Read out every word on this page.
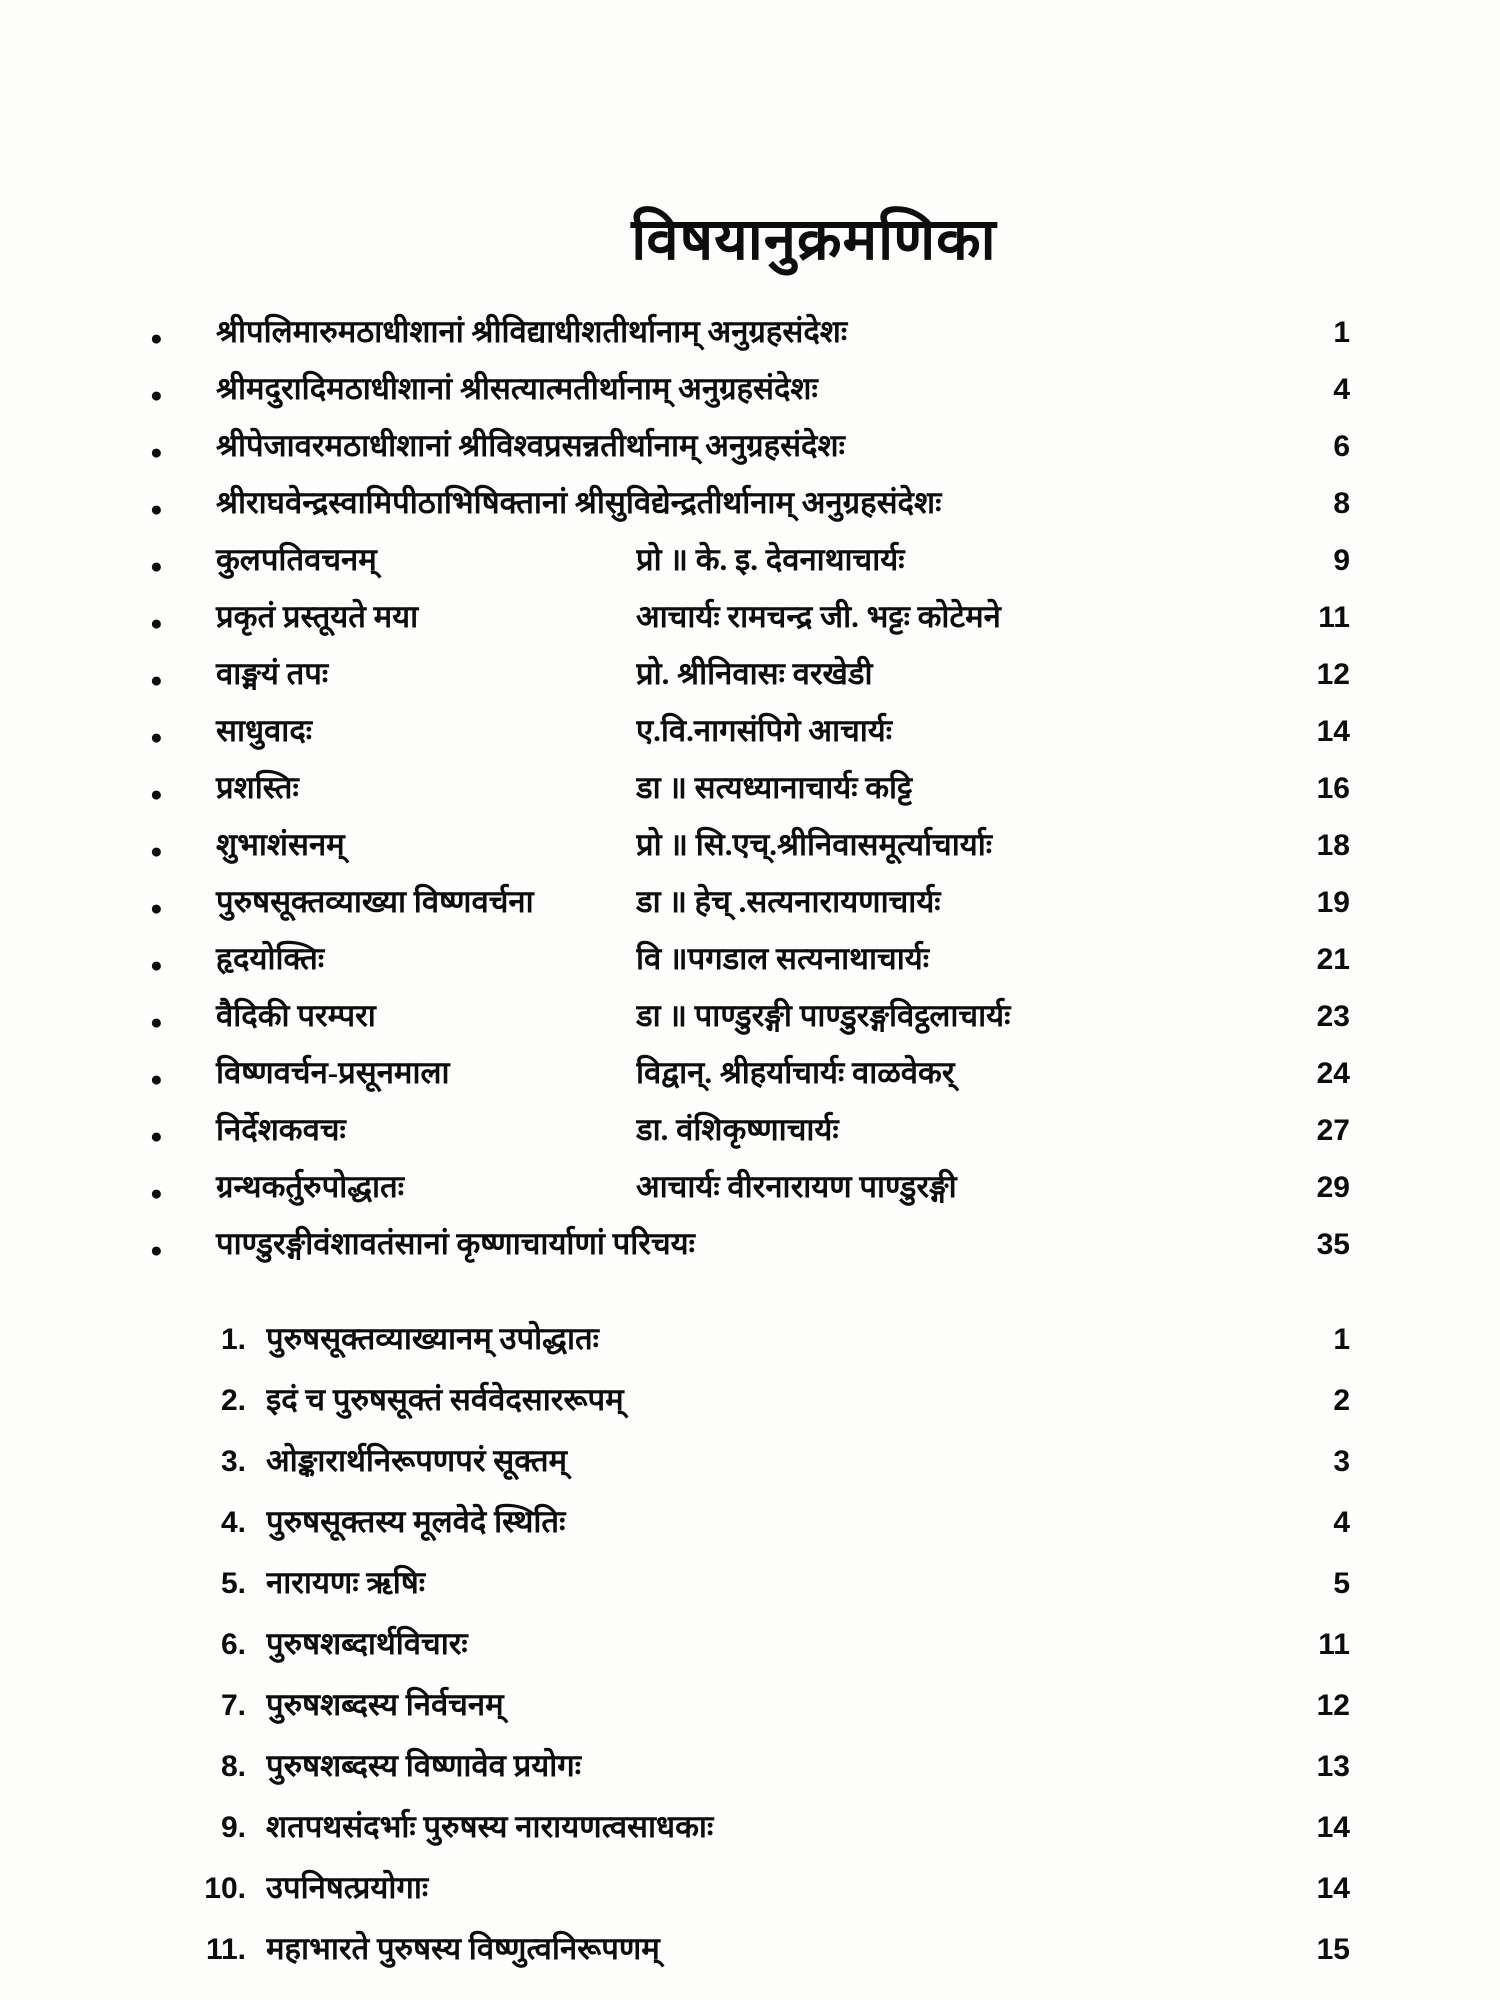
विषयानुक्रमणिका
●	श्रीपलिमारुमठाधीशानां श्रीविद्याधीशतीर्थानाम् अनुग्रहसंदेशः	1
●	श्रीमदुरादिमठाधीशानां श्रीसत्यात्मतीर्थानाम् अनुग्रहसंदेशः	4
●	श्रीपेजावरमठाधीशानां श्रीविश्वप्रसन्नतीर्थानाम् अनुग्रहसंदेशः	6
●	श्रीराघवेन्द्रस्वामिपीठाभिषिक्तानां श्रीसुविद्येन्द्रतीर्थानाम् अनुग्रहसंदेशः	8
●	कुलपतिवचनम्	प्रो ॥ के. इ. देवनाथाचार्यः	9
●	प्रकृतं प्रस्तूयते मया	आचार्यः रामचन्द्र जी. भट्टः कोटेमने	11
●	वाङ्मयं तपः	प्रो. श्रीनिवासः वरखेडी	12
●	साधुवादः	ए.वि.नागसंपिगे आचार्यः	14
●	प्रशस्तिः	डा ॥ सत्यध्यानाचार्यः कट्टि	16
●	शुभाशंसनम्	प्रो ॥ सि.एच्.श्रीनिवासमूर्त्याचार्याः	18
●	पुरुषसूक्तव्याख्या विष्णवर्चना	डा ॥ हेच् .सत्यनारायणाचार्यः	19
●	हृदयोक्तिः	वि ॥पगडाल सत्यनाथाचार्यः	21
●	वैदिकी परम्परा	डा ॥ पाण्डुरङ्गी पाण्डुरङ्गविट्ठलाचार्यः	23
●	विष्णवर्चन-प्रसूनमाला	विद्वान्. श्रीहर्याचार्यः वाळवेकर्	24
●	निर्देशकवचः	डा. वंशिकृष्णाचार्यः	27
●	ग्रन्थकर्तुरुपोद्धातः	आचार्यः वीरनारायण पाण्डुरङ्गी	29
●	पाण्डुरङ्गीवंशावतंसानां कृष्णाचार्याणां परिचयः	35
1. पुरुषसूक्तव्याख्यानम् उपोद्धातः	1
2. इदं च पुरुषसूक्तं सर्ववेदसाररूपम्	2
3. ओङ्कारार्थनिरूपणपरं सूक्तम्	3
4. पुरुषसूक्तस्य मूलवेदे स्थितिः	4
5. नारायणः ऋषिः	5
6. पुरुषशब्दार्थविचारः	11
7. पुरुषशब्दस्य निर्वचनम्	12
8. पुरुषशब्दस्य विष्णावेव प्रयोगः	13
9. शतपथसंदर्भाः पुरुषस्य नारायणत्वसाधकाः	14
10. उपनिषत्प्रयोगाः	14
11. महाभारते पुरुषस्य विष्णुत्वनिरूपणम्	15
